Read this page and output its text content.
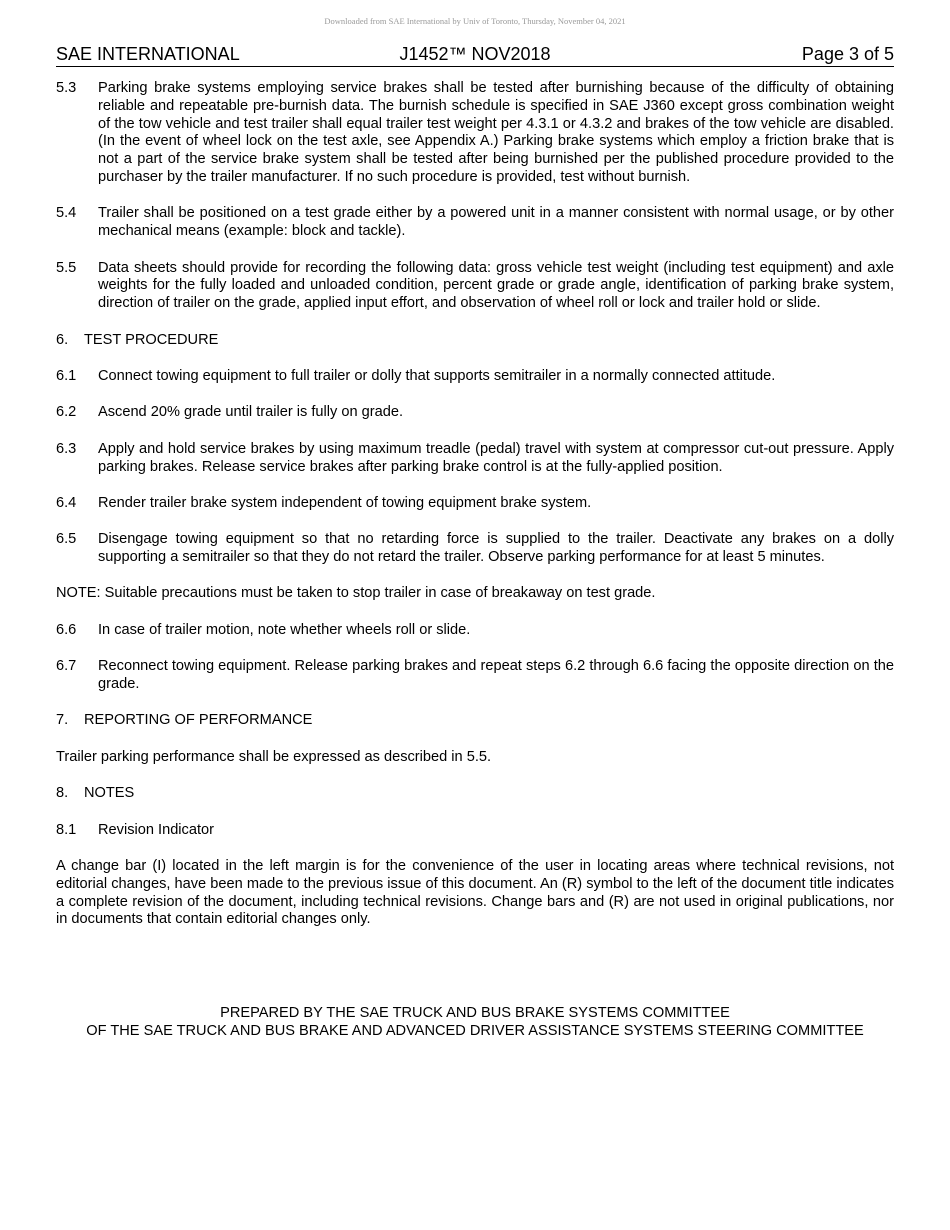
Downloaded from SAE International by Univ of Toronto, Thursday, November 04, 2021
SAE INTERNATIONAL	J1452™ NOV2018	Page 3 of 5
5.3	Parking brake systems employing service brakes shall be tested after burnishing because of the difficulty of obtaining reliable and repeatable pre-burnish data. The burnish schedule is specified in SAE J360 except gross combination weight of the tow vehicle and test trailer shall equal trailer test weight per 4.3.1 or 4.3.2 and brakes of the tow vehicle are disabled. (In the event of wheel lock on the test axle, see Appendix A.) Parking brake systems which employ a friction brake that is not a part of the service brake system shall be tested after being burnished per the published procedure provided to the purchaser by the trailer manufacturer. If no such procedure is provided, test without burnish.
5.4	Trailer shall be positioned on a test grade either by a powered unit in a manner consistent with normal usage, or by other mechanical means (example: block and tackle).
5.5	Data sheets should provide for recording the following data: gross vehicle test weight (including test equipment) and axle weights for the fully loaded and unloaded condition, percent grade or grade angle, identification of parking brake system, direction of trailer on the grade, applied input effort, and observation of wheel roll or lock and trailer hold or slide.
6. TEST PROCEDURE
6.1	Connect towing equipment to full trailer or dolly that supports semitrailer in a normally connected attitude.
6.2	Ascend 20% grade until trailer is fully on grade.
6.3	Apply and hold service brakes by using maximum treadle (pedal) travel with system at compressor cut-out pressure. Apply parking brakes. Release service brakes after parking brake control is at the fully-applied position.
6.4	Render trailer brake system independent of towing equipment brake system.
6.5	Disengage towing equipment so that no retarding force is supplied to the trailer. Deactivate any brakes on a dolly supporting a semitrailer so that they do not retard the trailer. Observe parking performance for at least 5 minutes.
NOTE: Suitable precautions must be taken to stop trailer in case of breakaway on test grade.
6.6	In case of trailer motion, note whether wheels roll or slide.
6.7	Reconnect towing equipment. Release parking brakes and repeat steps 6.2 through 6.6 facing the opposite direction on the grade.
7. REPORTING OF PERFORMANCE
Trailer parking performance shall be expressed as described in 5.5.
8. NOTES
8.1	Revision Indicator
A change bar (I) located in the left margin is for the convenience of the user in locating areas where technical revisions, not editorial changes, have been made to the previous issue of this document. An (R) symbol to the left of the document title indicates a complete revision of the document, including technical revisions. Change bars and (R) are not used in original publications, nor in documents that contain editorial changes only.
PREPARED BY THE SAE TRUCK AND BUS BRAKE SYSTEMS COMMITTEE
OF THE SAE TRUCK AND BUS BRAKE AND ADVANCED DRIVER ASSISTANCE SYSTEMS STEERING COMMITTEE
